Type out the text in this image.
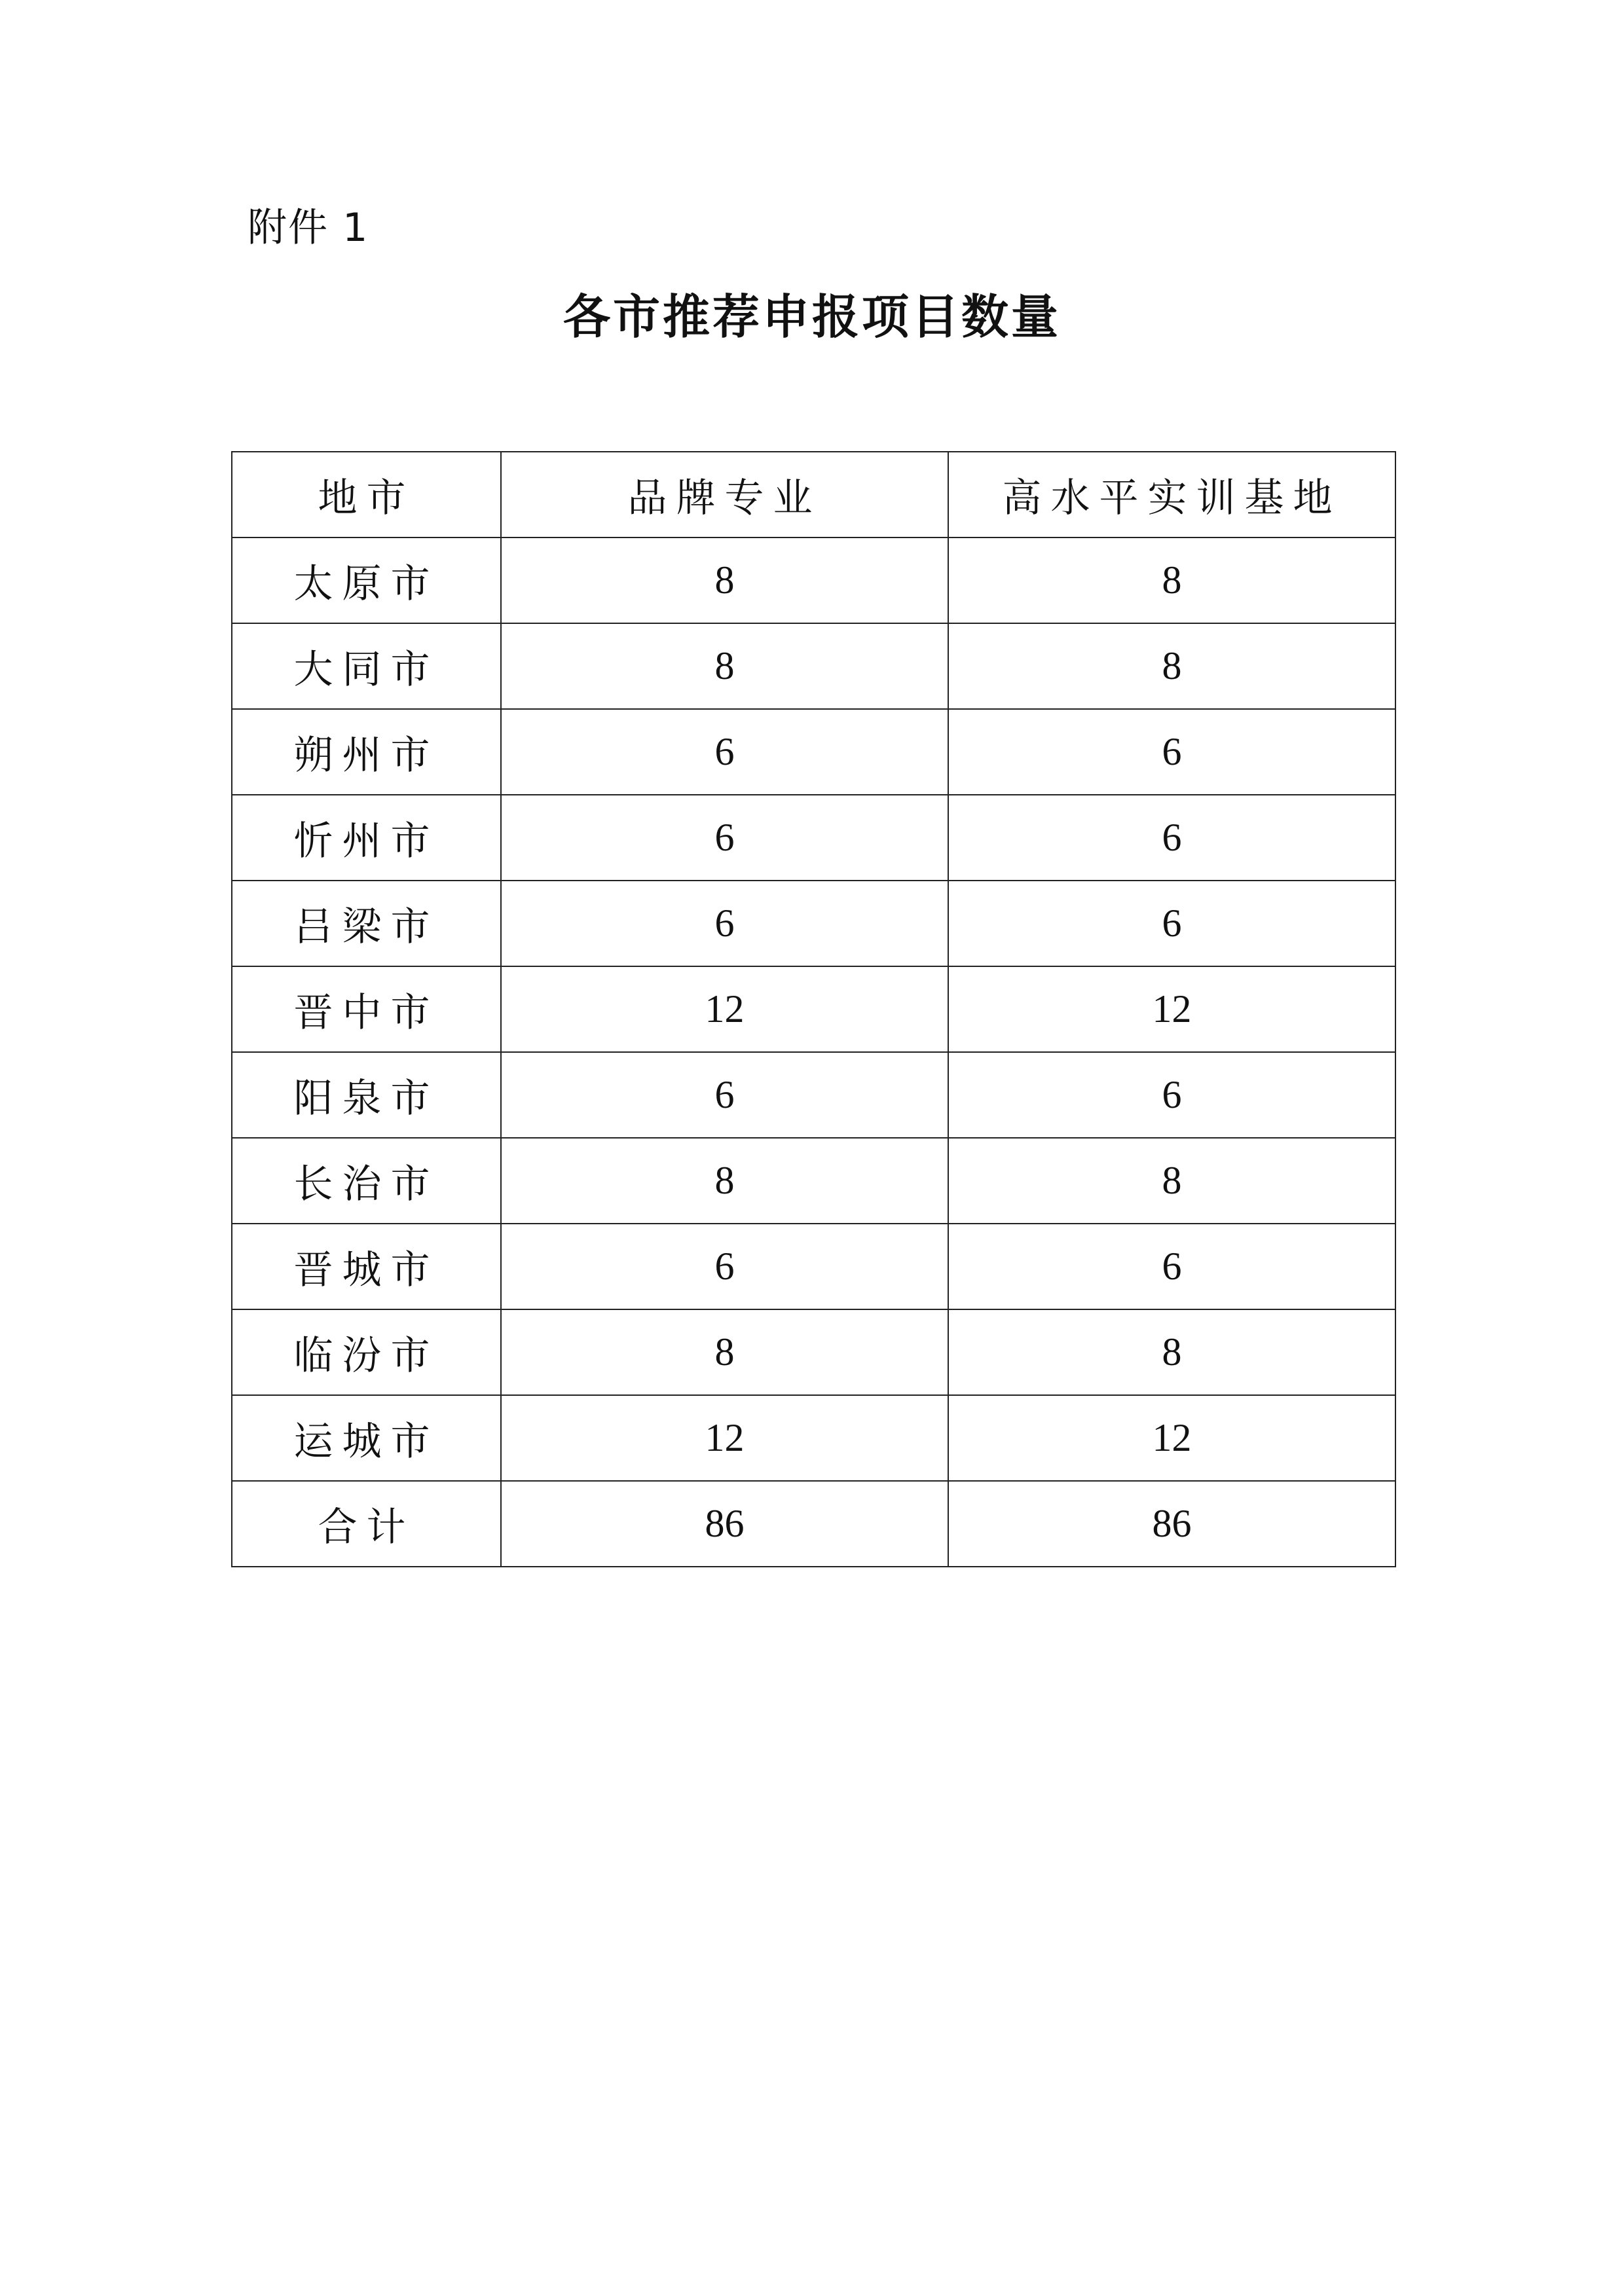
附件 1
各市推荐申报项目数量
地市	品牌专业	高水平实训基地
太原市	8	8
大同市	8	8
朔州市	6	6
忻州市	6	6
吕梁市	6	6
晋中市	12	12
阳泉市	6	6
长治市	8	8
晋城市	6	6
临汾市	8	8
运城市	12	12
合计	86	86
